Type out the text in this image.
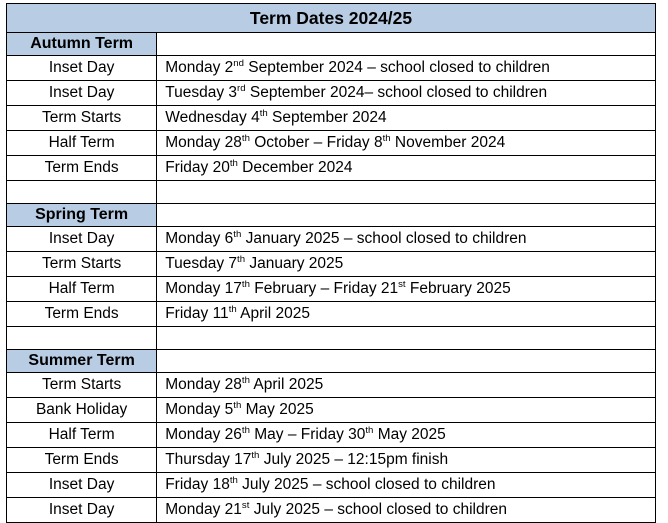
Term Dates 2024/25	
Autumn Term	
Inset Day	Monday 2nd September 2024 – school closed to children
Inset Day	Tuesday 3rd September 2024– school closed to children
Term Starts	Wednesday 4th September 2024
Half Term	Monday 28th October – Friday 8th November 2024
Term Ends	Friday 20th December 2024

Spring Term	
Inset Day	Monday 6th January 2025 – school closed to children
Term Starts	Tuesday 7th January 2025
Half Term	Monday 17th February – Friday 21st February 2025
Term Ends	Friday 11th April 2025

Summer Term	
Term Starts	Monday 28th April 2025
Bank Holiday	Monday 5th May 2025
Half Term	Monday 26th May – Friday 30th May 2025
Term Ends	Thursday 17th July 2025 – 12:15pm finish
Inset Day	Friday 18th July 2025 – school closed to children
Inset Day	Monday 21st July 2025 – school closed to children
